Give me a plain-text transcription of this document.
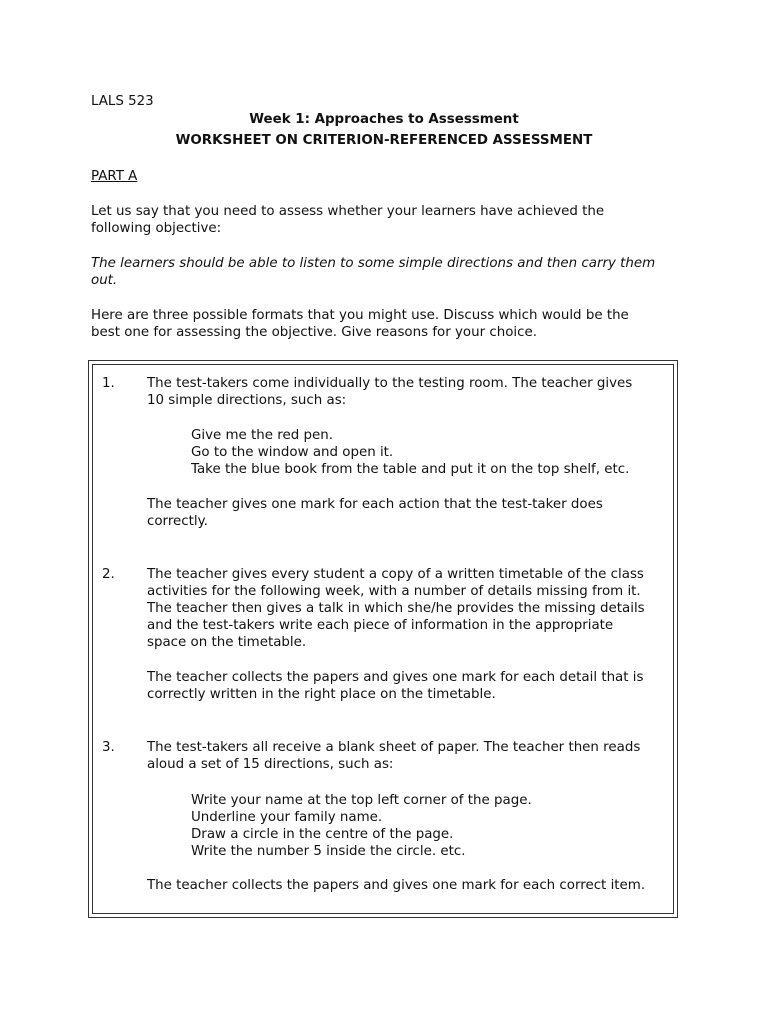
LALS 523
Week 1: Approaches to Assessment
WORKSHEET ON CRITERION-REFERENCED ASSESSMENT
PART A
Let us say that you need to assess whether your learners have achieved the
following objective:
The learners should be able to listen to some simple directions and then carry them
out.
Here are three possible formats that you might use. Discuss which would be the
best one for assessing the objective. Give reasons for your choice.
1. The test-takers come individually to the testing room. The teacher gives
10 simple directions, such as:
Give me the red pen.
Go to the window and open it.
Take the blue book from the table and put it on the top shelf, etc.
The teacher gives one mark for each action that the test-taker does
correctly.
2. The teacher gives every student a copy of a written timetable of the class
activities for the following week, with a number of details missing from it.
The teacher then gives a talk in which she/he provides the missing details
and the test-takers write each piece of information in the appropriate
space on the timetable.
The teacher collects the papers and gives one mark for each detail that is
correctly written in the right place on the timetable.
3. The test-takers all receive a blank sheet of paper. The teacher then reads
aloud a set of 15 directions, such as:
Write your name at the top left corner of the page.
Underline your family name.
Draw a circle in the centre of the page.
Write the number 5 inside the circle. etc.
The teacher collects the papers and gives one mark for each correct item.
